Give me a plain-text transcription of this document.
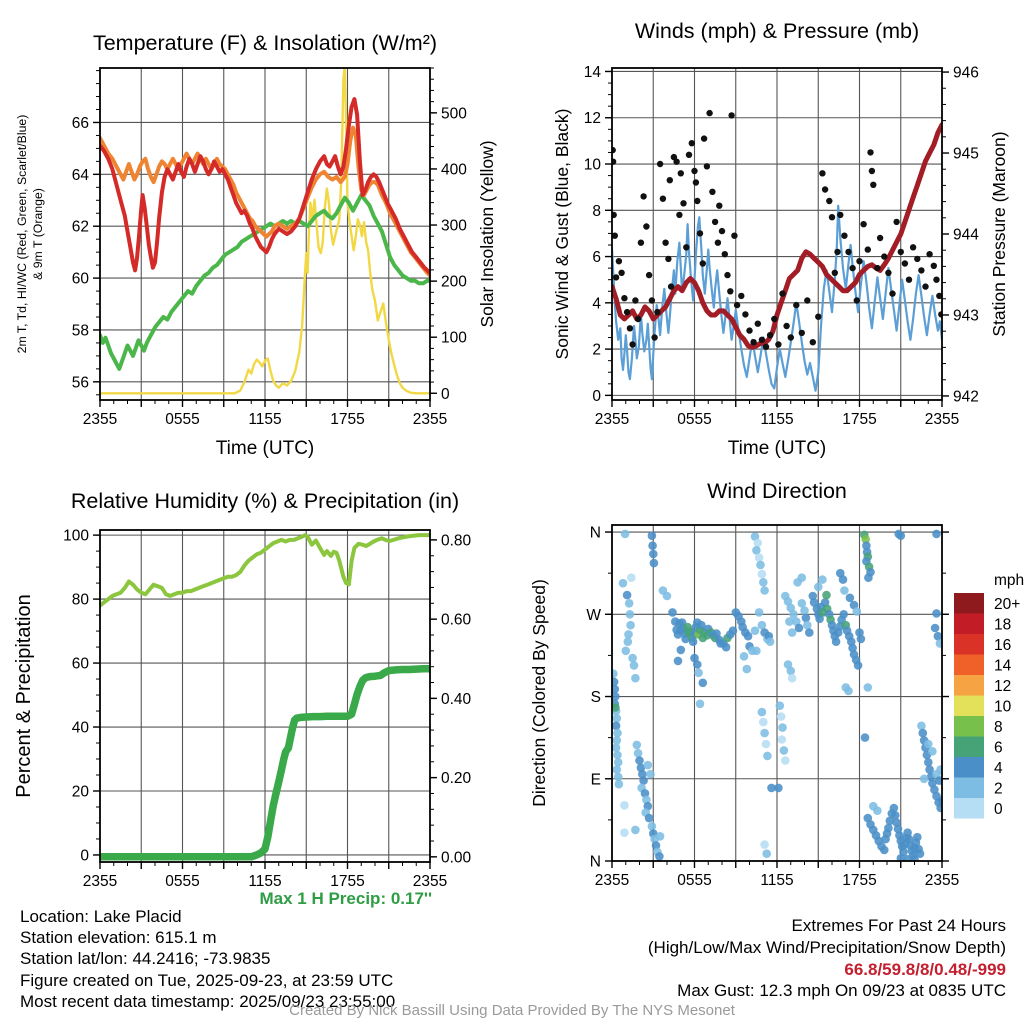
Temperature (F) & Insolation (W/m²)
2m T, Td, HI/WC (Red, Green, Scarlet/Blue) & 9m T (Orange)	Solar Insolation (Yellow)
Time (UTC)
2355	0555	1155	1755	2355
56
58
60
62
64
66
0
100
200
300
400
500
Winds (mph) & Pressure (mb)
Sonic Wind & Gust (Blue, Black)	Station Pressure (Maroon)
Time (UTC)
2355	0555	1155	1755	2355
0
2
4
6
8
10
12
14
942
943
944
945
946
Relative Humidity (%) & Precipitation (in)
Percent & Precipitation
2355	0555	1155	1755	2355
0
20
40
60
80
100
0.00
0.20
0.40
0.60
0.80
Wind Direction
Direction (Colored By Speed)
2355	0555	1155	1755	2355
N
E
S
W
N
20+
18
16
14
12
10
8
6
4
2
0
mph
Max 1 H Precip: 0.17''
Location: Lake Placid
Station elevation: 615.1 m
Station lat/lon: 44.2416; -73.9835
Figure created on Tue, 2025-09-23, at 23:59 UTC
Most recent data timestamp: 2025/09/23 23:55:00
Extremes For Past 24 Hours
(High/Low/Max Wind/Precipitation/Snow Depth)
66.8/59.8/8/0.48/-999
Max Gust: 12.3 mph On 09/23 at 0835 UTC
Created By Nick Bassill Using Data Provided By The NYS Mesonet
